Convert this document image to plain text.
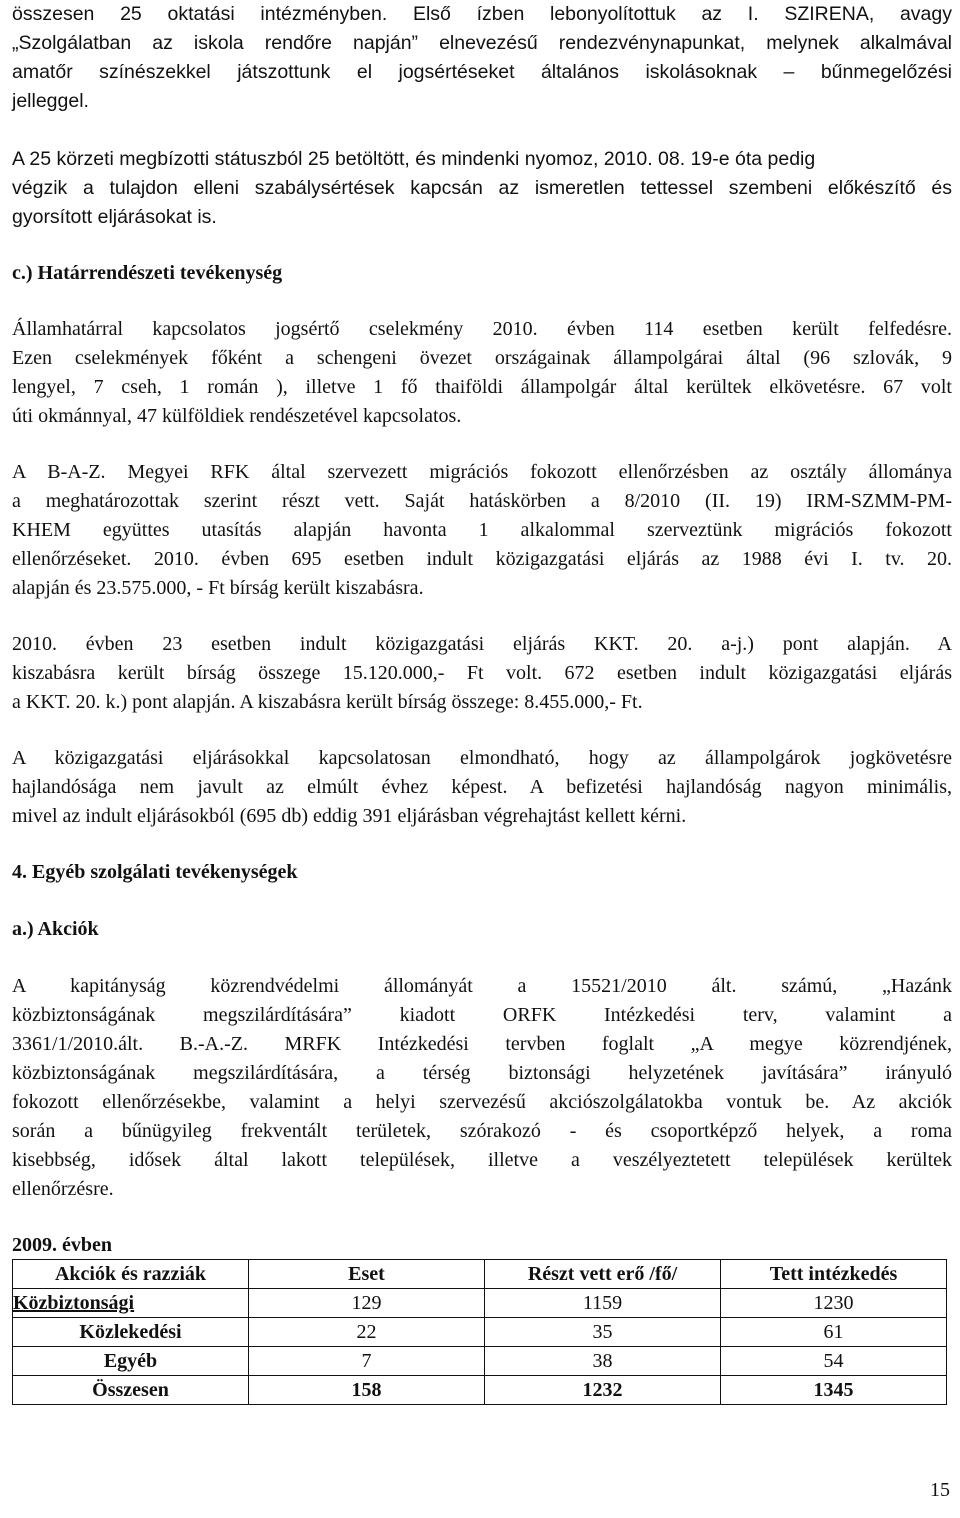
összesen 25 oktatási intézményben. Első ízben lebonyolítottuk az I. SZIRENA, avagy
„Szolgálatban az iskola rendőre napján” elnevezésű rendezvénynapunkat, melynek alkalmával
amatőr színészekkel játszottunk el jogsértéseket általános iskolásoknak – bűnmegelőzési
jelleggel.
A 25 körzeti megbízotti státuszból 25 betöltött, és mindenki nyomoz, 2010. 08. 19-e óta pedig
végzik a tulajdon elleni szabálysértések kapcsán az ismeretlen tettessel szembeni előkészítő és
gyorsított eljárásokat is.
c.) Határrendészeti tevékenység
Államhatárral kapcsolatos jogsértő cselekmény 2010. évben 114 esetben került felfedésre.
Ezen cselekmények főként a schengeni övezet országainak állampolgárai által (96 szlovák, 9
lengyel, 7 cseh, 1 román ), illetve 1 fő thaiföldi állampolgár által kerültek elkövetésre. 67 volt
úti okmánnyal, 47 külföldiek rendészetével kapcsolatos.
A B-A-Z. Megyei RFK által szervezett migrációs fokozott ellenőrzésben az osztály állománya
a meghatározottak szerint részt vett. Saját hatáskörben a 8/2010 (II. 19) IRM-SZMM-PM-
KHEM együttes utasítás alapján havonta 1 alkalommal szerveztünk migrációs fokozott
ellenőrzéseket. 2010. évben 695 esetben indult közigazgatási eljárás az 1988 évi I. tv. 20.
alapján és 23.575.000, - Ft bírság került kiszabásra.
2010. évben 23 esetben indult közigazgatási eljárás KKT. 20. a-j.) pont alapján. A
kiszabásra került bírság összege 15.120.000,- Ft volt. 672 esetben indult közigazgatási eljárás
a KKT. 20. k.) pont alapján. A kiszabásra került bírság összege: 8.455.000,- Ft.
A közigazgatási eljárásokkal kapcsolatosan elmondható, hogy az állampolgárok jogkövetésre
hajlandósága nem javult az elmúlt évhez képest. A befizetési hajlandóság nagyon minimális,
mivel az indult eljárásokból (695 db) eddig 391 eljárásban végrehajtást kellett kérni.
4. Egyéb szolgálati tevékenységek
a.) Akciók
A kapitányság közrendvédelmi állományát a 15521/2010 ált. számú, „Hazánk
közbiztonságának megszilárdítására” kiadott ORFK Intézkedési terv, valamint a
3361/1/2010.ált. B.-A.-Z. MRFK Intézkedési tervben foglalt „A megye közrendjének,
közbiztonságának megszilárdítására, a térség biztonsági helyzetének javítására” irányuló
fokozott ellenőrzésekbe, valamint a helyi szervezésű akciószolgálatokba vontuk be. Az akciók
során a bűnügyileg frekventált területek, szórakozó - és csoportképző helyek, a roma
kisebbség, idősek által lakott települések, illetve a veszélyeztetett települések kerültek
ellenőrzésre.
2009. évben
Akciók és razziák	Eset	Részt vett erő /fő/	Tett intézkedés
Közbiztonsági	129	1159	1230
Közlekedési	22	35	61
Egyéb	7	38	54
Összesen	158	1232	1345
15
